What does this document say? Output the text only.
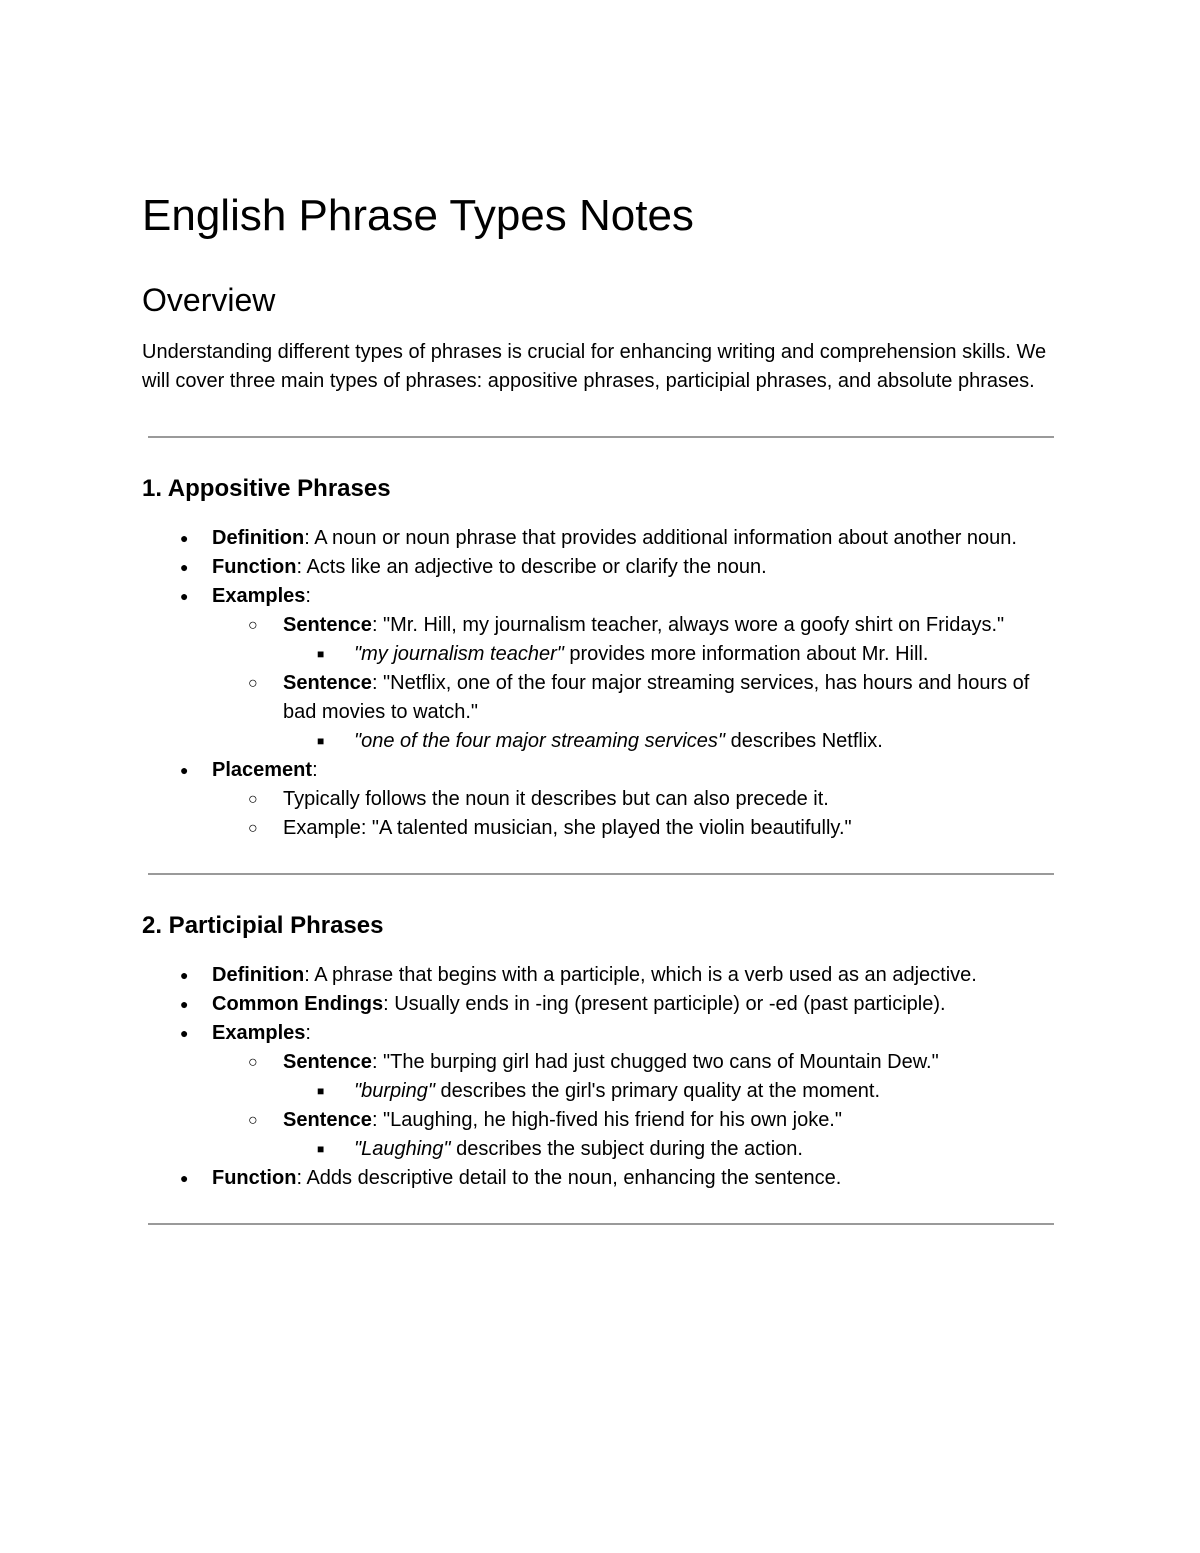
English Phrase Types Notes
Overview

Understanding different types of phrases is crucial for enhancing writing and comprehension skills. We will cover three main types of phrases: appositive phrases, participial phrases, and absolute phrases.

1. Appositive Phrases
● Definition: A noun or noun phrase that provides additional information about another noun.
● Function: Acts like an adjective to describe or clarify the noun.
● Examples:
○ Sentence: "Mr. Hill, my journalism teacher, always wore a goofy shirt on Fridays."
■ "my journalism teacher" provides more information about Mr. Hill.
○ Sentence: "Netflix, one of the four major streaming services, has hours and hours of bad movies to watch."
■ "one of the four major streaming services" describes Netflix.
● Placement:
○ Typically follows the noun it describes but can also precede it.
○ Example: "A talented musician, she played the violin beautifully."
2. Participial Phrases
● Definition: A phrase that begins with a participle, which is a verb used as an adjective.
● Common Endings: Usually ends in -ing (present participle) or -ed (past participle).
● Examples:
○ Sentence: "The burping girl had just chugged two cans of Mountain Dew."
■ "burping" describes the girl's primary quality at the moment.
○ Sentence: "Laughing, he high-fived his friend for his own joke."
■ "Laughing" describes the subject during the action.
● Function: Adds descriptive detail to the noun, enhancing the sentence.
